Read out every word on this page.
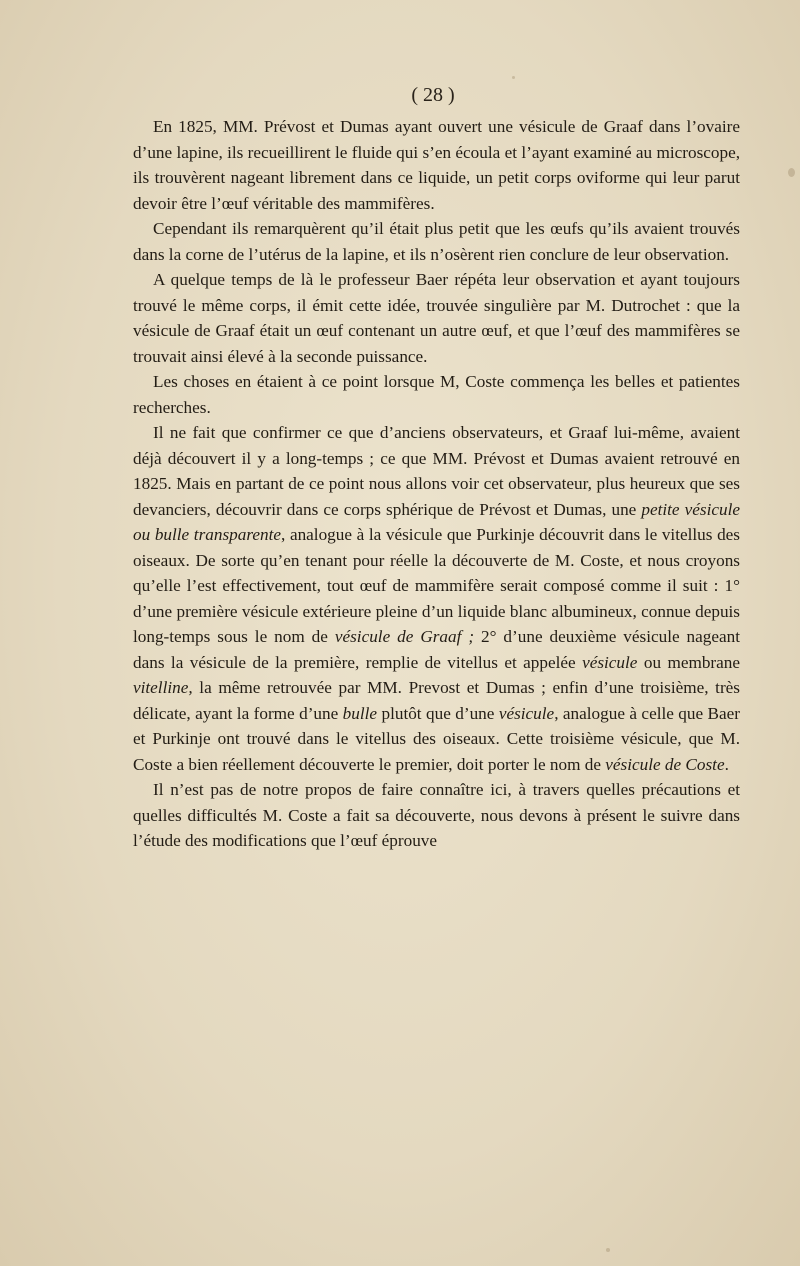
( 28 )

En 1825, MM. Prévost et Dumas ayant ouvert une vésicule de Graaf dans l’ovaire d’une lapine, ils recueillirent le fluide qui s’en écoula et l’ayant examiné au microscope, ils trouvèrent nageant librement dans ce liquide, un petit corps oviforme qui leur parut devoir être l’œuf véritable des mammifères.

Cependant ils remarquèrent qu’il était plus petit que les œufs qu’ils avaient trouvés dans la corne de l’utérus de la lapine, et ils n’osèrent rien conclure de leur observation.

A quelque temps de là le professeur Baer répéta leur observation et ayant toujours trouvé le même corps, il émit cette idée, trouvée singulière par M. Dutrochet : que la vésicule de Graaf était un œuf contenant un autre œuf, et que l’œuf des mammifères se trouvait ainsi élevé à la seconde puissance.

Les choses en étaient à ce point lorsque M, Coste commença les belles et patientes recherches.

Il ne fait que confirmer ce que d’anciens observateurs, et Graaf lui-même, avaient déjà découvert il y a long-temps ; ce que MM. Prévost et Dumas avaient retrouvé en 1825. Mais en partant de ce point nous allons voir cet observateur, plus heureux que ses devanciers, découvrir dans ce corps sphérique de Prévost et Dumas, une petite vésicule ou bulle transparente, analogue à la vésicule que Purkinje découvrit dans le vitellus des oiseaux. De sorte qu’en tenant pour réelle la découverte de M. Coste, et nous croyons qu’elle l’est effectivement, tout œuf de mammifère serait composé comme il suit : 1° d’une première vésicule extérieure pleine d’un liquide blanc albumineux, connue depuis long-temps sous le nom de vésicule de Graaf ; 2° d’une deuxième vésicule nageant dans la vésicule de la première, remplie de vitellus et appelée vésicule ou membrane vitelline, la même retrouvée par MM. Prevost et Dumas ; enfin d’une troisième, très délicate, ayant la forme d’une bulle plutôt que d’une vésicule, analogue à celle que Baer et Purkinje ont trouvé dans le vitellus des oiseaux. Cette troisième vésicule, que M. Coste a bien réellement découverte le premier, doit porter le nom de vésicule de Coste.

Il n’est pas de notre propos de faire connaître ici, à travers quelles précautions et quelles difficultés M. Coste a fait sa découverte, nous devons à présent le suivre dans l’étude des modifications que l’œuf éprouve
